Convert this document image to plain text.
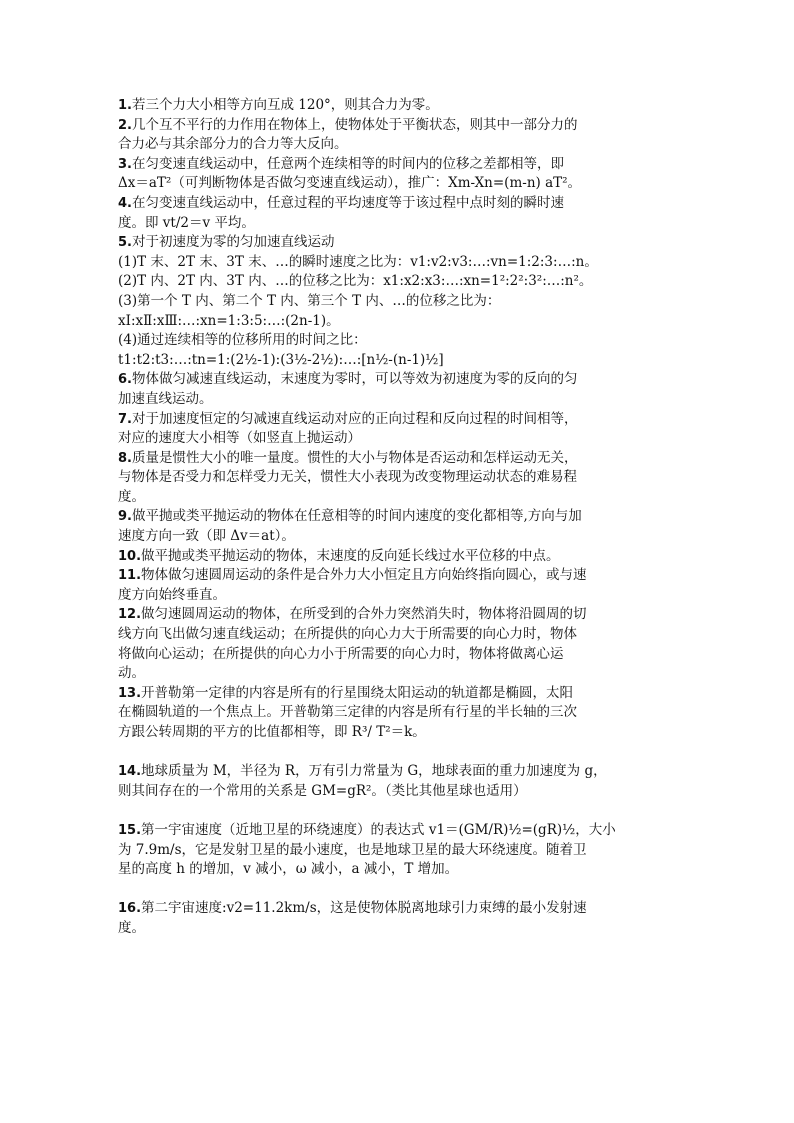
1.若三个力大小相等方向互成 120°，则其合力为零。
2.几个互不平行的力作用在物体上，使物体处于平衡状态，则其中一部分力的
合力必与其余部分力的合力等大反向。
3.在匀变速直线运动中，任意两个连续相等的时间内的位移之差都相等，即
Δx＝aT²（可判断物体是否做匀变速直线运动），推广：Xm-Xn=(m-n) aT²。
4.在匀变速直线运动中，任意过程的平均速度等于该过程中点时刻的瞬时速
度。即 vt/2＝v 平均。
5.对于初速度为零的匀加速直线运动
(1)T 末、2T 末、3T 末、…的瞬时速度之比为：v1:v2:v3:…:vn=1:2:3:…:n。
(2)T 内、2T 内、3T 内、…的位移之比为：x1:x2:x3:…:xn=1²:2²:3²:…:n²。
(3)第一个 T 内、第二个 T 内、第三个 T 内、…的位移之比为：
xⅠ:xⅡ:xⅢ:…:xn=1:3:5:…:(2n-1)。
(4)通过连续相等的位移所用的时间之比：
t1:t2:t3:…:tn=1:(2½-1):(3½-2½):…:[n½-(n-1)½]
6.物体做匀减速直线运动，末速度为零时，可以等效为初速度为零的反向的匀
加速直线运动。
7.对于加速度恒定的匀减速直线运动对应的正向过程和反向过程的时间相等，
对应的速度大小相等（如竖直上抛运动）
8.质量是惯性大小的唯一量度。惯性的大小与物体是否运动和怎样运动无关，
与物体是否受力和怎样受力无关，惯性大小表现为改变物理运动状态的难易程
度。
9.做平抛或类平抛运动的物体在任意相等的时间内速度的变化都相等,方向与加
速度方向一致（即 Δv＝at）。
10.做平抛或类平抛运动的物体，末速度的反向延长线过水平位移的中点。
11.物体做匀速圆周运动的条件是合外力大小恒定且方向始终指向圆心，或与速
度方向始终垂直。
12.做匀速圆周运动的物体，在所受到的合外力突然消失时，物体将沿圆周的切
线方向飞出做匀速直线运动；在所提供的向心力大于所需要的向心力时，物体
将做向心运动；在所提供的向心力小于所需要的向心力时，物体将做离心运
动。
13.开普勒第一定律的内容是所有的行星围绕太阳运动的轨道都是椭圆，太阳
在椭圆轨道的一个焦点上。开普勒第三定律的内容是所有行星的半长轴的三次
方跟公转周期的平方的比值都相等，即 R³/ T²＝k。
14.地球质量为 M，半径为 R，万有引力常量为 G，地球表面的重力加速度为 g，
则其间存在的一个常用的关系是 GM=gR²。（类比其他星球也适用）
15.第一宇宙速度（近地卫星的环绕速度）的表达式 v1＝(GM/R)½=(gR)½，大小
为 7.9m/s，它是发射卫星的最小速度，也是地球卫星的最大环绕速度。随着卫
星的高度 h 的增加，v 减小，ω 减小，a 减小，T 增加。
16.第二宇宙速度:v2=11.2km/s，这是使物体脱离地球引力束缚的最小发射速
度。
